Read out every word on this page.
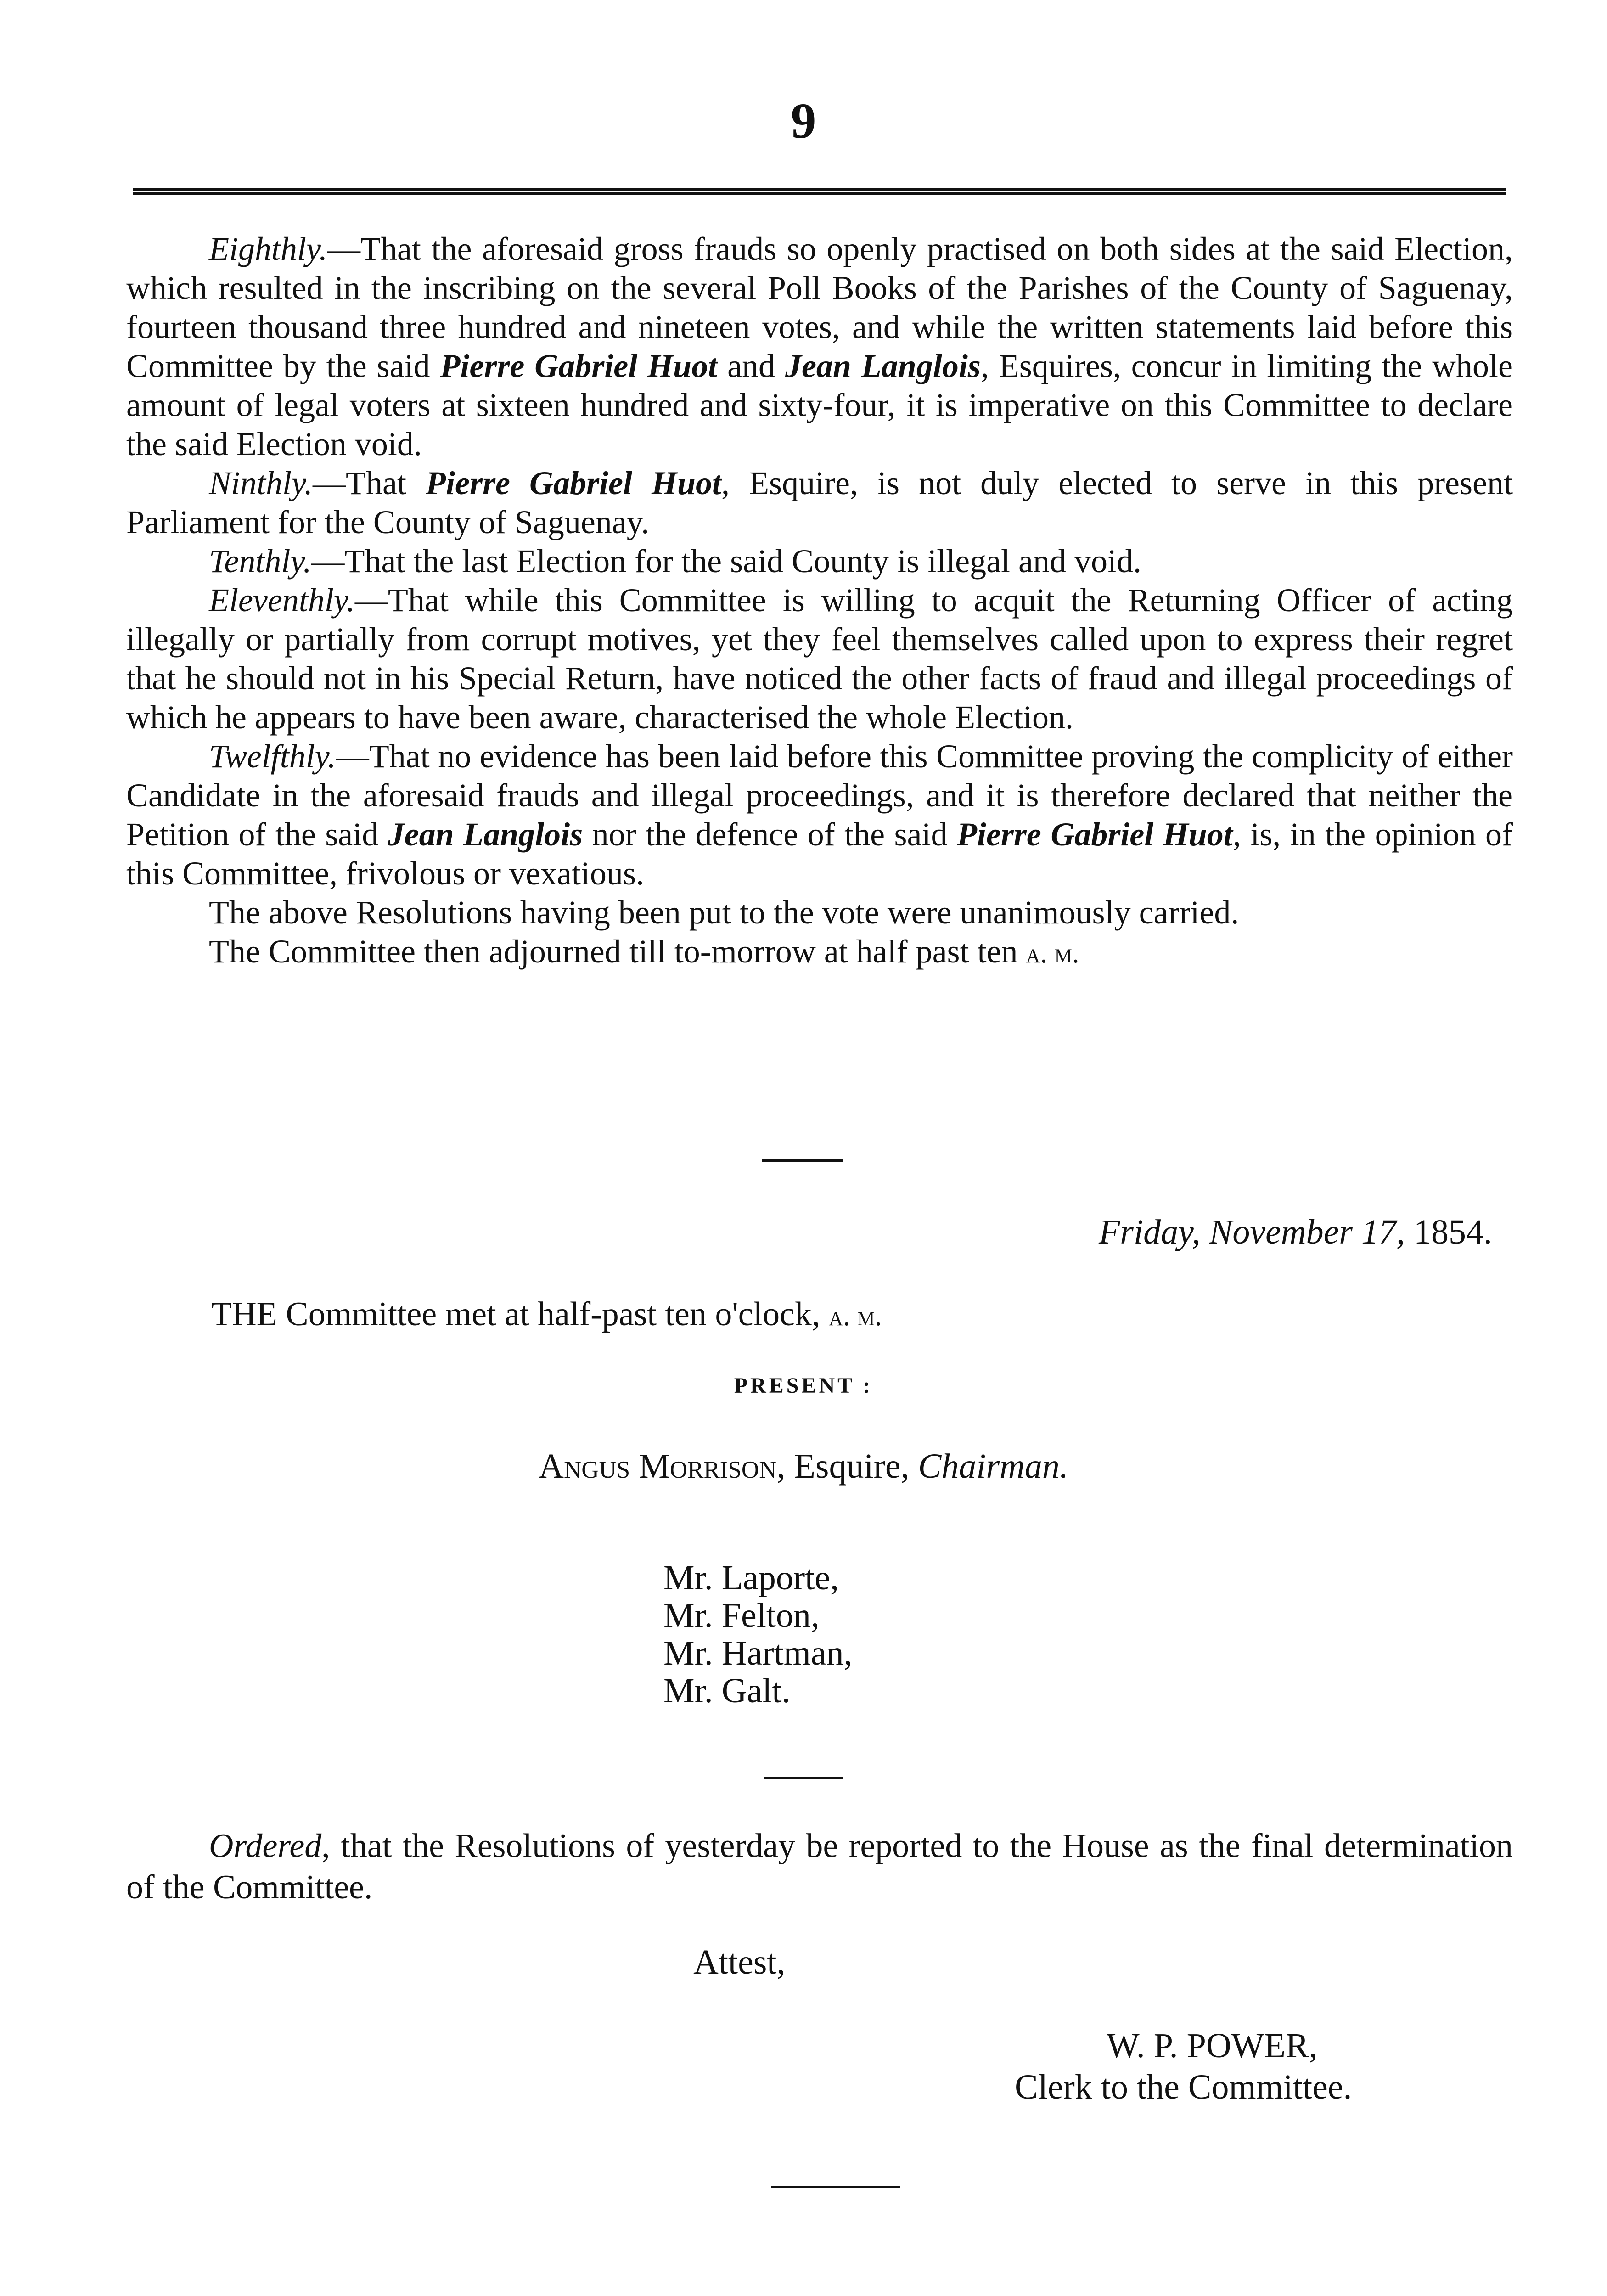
9

Eighthly.—That the aforesaid gross frauds so openly practised on both sides at the said Election, which resulted in the inscribing on the several Poll Books of the Parishes of the County of Saguenay, fourteen thousand three hundred and nineteen votes, and while the written statements laid before this Committee by the said Pierre Gabriel Huot and Jean Langlois, Esquires, concur in limiting the whole amount of legal voters at sixteen hundred and sixty-four, it is imperative on this Committee to declare the said Election void.

Ninthly.—That Pierre Gabriel Huot, Esquire, is not duly elected to serve in this present Parliament for the County of Saguenay.

Tenthly.—That the last Election for the said County is illegal and void.

Eleventhly.—That while this Committee is willing to acquit the Returning Officer of acting illegally or partially from corrupt motives, yet they feel themselves called upon to express their regret that he should not in his Special Return, have noticed the other facts of fraud and illegal proceedings of which he appears to have been aware, characterised the whole Election.

Twelfthly.—That no evidence has been laid before this Committee proving the complicity of either Candidate in the aforesaid frauds and illegal proceedings, and it is therefore declared that neither the Petition of the said Jean Langlois nor the defence of the said Pierre Gabriel Huot, is, in the opinion of this Committee, frivolous or vexatious.

The above Resolutions having been put to the vote were unanimously carried.

The Committee then adjourned till to-morrow at half past ten a. m.

Friday, November 17, 1854.
THE Committee met at half-past ten o'clock, a. m.
PRESENT :
Angus Morrison, Esquire, Chairman.
Mr. Laporte,
Mr. Felton,
Mr. Hartman,
Mr. Galt.
Ordered, that the Resolutions of yesterday be reported to the House as the final determination of the Committee.
Attest,
W. P. POWER,
Clerk to the Committee.
